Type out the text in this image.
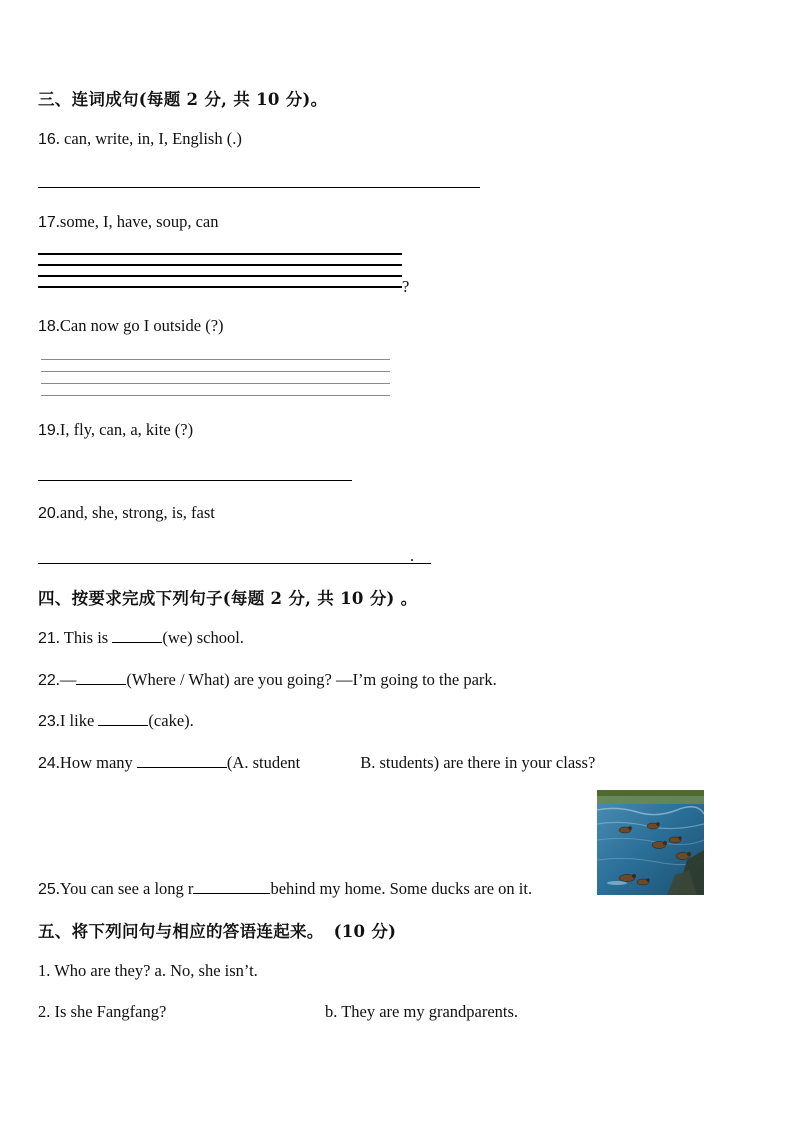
三、连词成句(每题 2 分, 共 10 分)。
16. can, write, in, I, English (.)
17.some, I, have, soup, can
?
18.Can now go I outside (?)
19.I, fly, can, a, kite (?)
20.and, she, strong, is, fast
.
四、按要求完成下列句子(每题 2 分, 共 10 分) 。
21. This is	(we) school.
22.—	(Where / What) are you going? —I’m going to the park.
23.I like	(cake).
24.How many	(A. student	B. students) are there in your class?
25.You can see a long r	behind my home. Some ducks are on it.
五、将下列问句与相应的答语连起来。 (10 分)
1. Who are they? a. No, she isn’t.
2. Is she Fangfang?	b. They are my grandparents.
